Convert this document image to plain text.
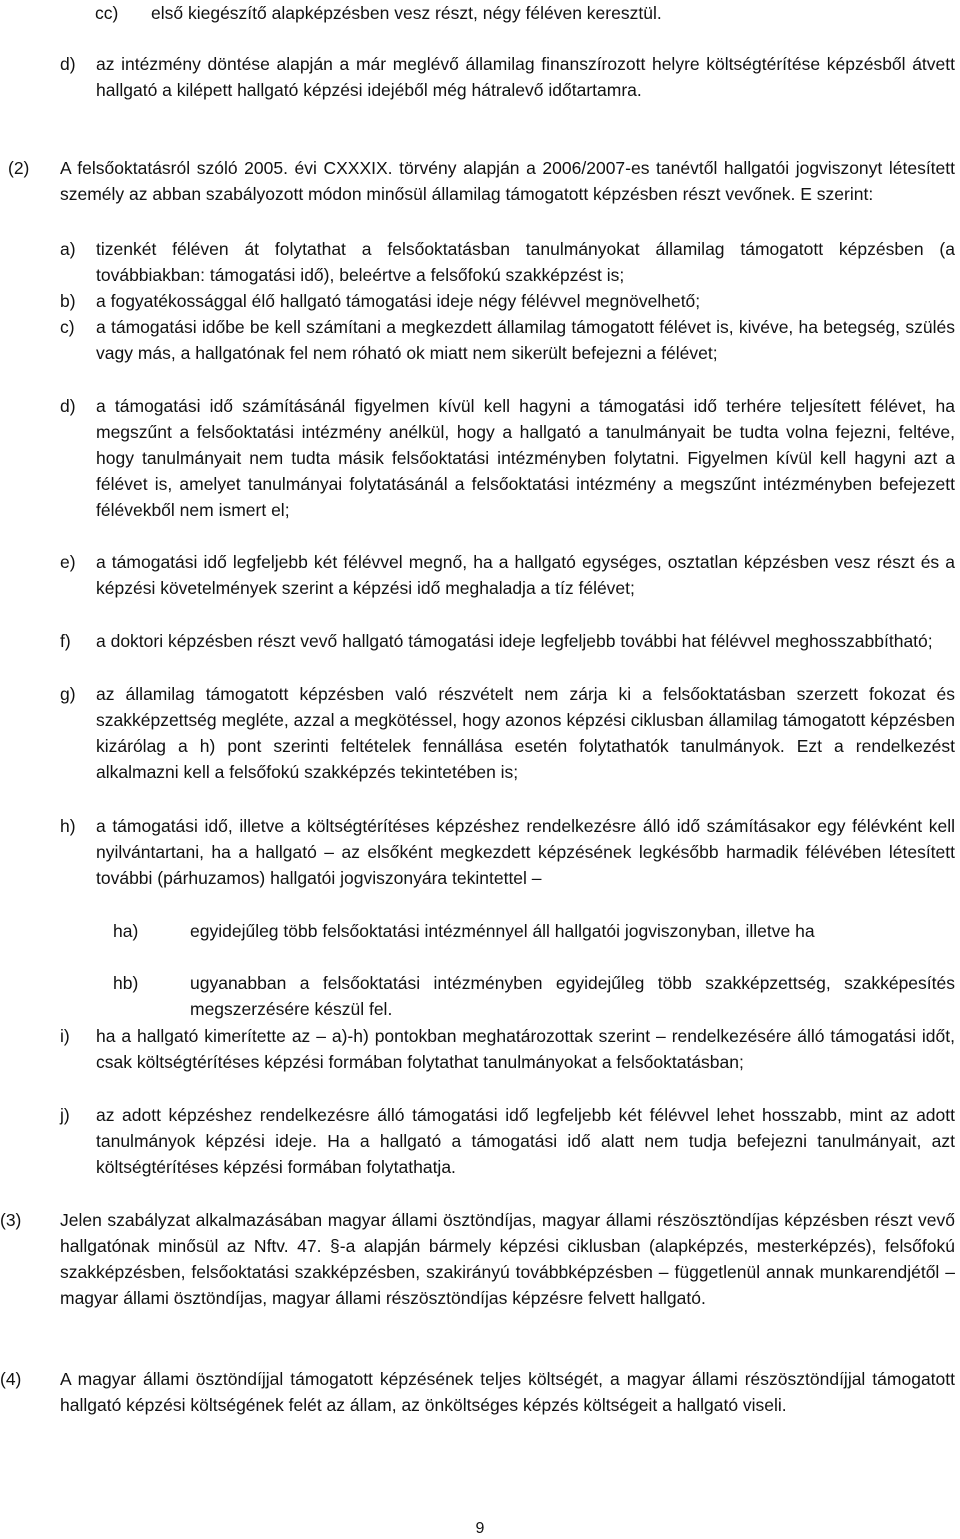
cc)	első kiegészítő alapképzésben vesz részt, négy féléven keresztül.

d)	az intézmény döntése alapján a már meglévő államilag finanszírozott helyre költségtérítése képzésből átvett hallgató a kilépett hallgató képzési idejéből még hátralevő időtartamra.

(2)	A felsőoktatásról szóló 2005. évi CXXXIX. törvény alapján a 2006/2007-es tanévtől hallgatói jogviszonyt létesített személy az abban szabályozott módon minősül államilag támogatott képzésben részt vevőnek. E szerint:

a)	tizenkét féléven át folytathat a felsőoktatásban tanulmányokat államilag támogatott képzésben (a továbbiakban: támogatási idő), beleértve a felsőfokú szakképzést is;

b)	a fogyatékossággal élő hallgató támogatási ideje négy félévvel megnövelhető;

c)	a támogatási időbe be kell számítani a megkezdett államilag támogatott félévet is, kivéve, ha betegség, szülés vagy más, a hallgatónak fel nem róható ok miatt nem sikerült befejezni a félévet;

d)	a támogatási idő számításánál figyelmen kívül kell hagyni a támogatási idő terhére teljesített félévet, ha megszűnt a felsőoktatási intézmény anélkül, hogy a hallgató a tanulmányait be tudta volna fejezni, feltéve, hogy tanulmányait nem tudta másik felsőoktatási intézményben folytatni. Figyelmen kívül kell hagyni azt a félévet is, amelyet tanulmányai folytatásánál a felsőoktatási intézmény a megszűnt intézményben befejezett félévekből nem ismert el;

e)	a támogatási idő legfeljebb két félévvel megnő, ha a hallgató egységes, osztatlan képzésben vesz részt és a képzési követelmények szerint a képzési idő meghaladja a tíz félévet;

f)	a doktori képzésben részt vevő hallgató támogatási ideje legfeljebb további hat félévvel meghosszabbítható;

g)	az államilag támogatott képzésben való részvételt nem zárja ki a felsőoktatásban szerzett fokozat és szakképzettség megléte, azzal a megkötéssel, hogy azonos képzési ciklusban államilag támogatott képzésben kizárólag a h) pont szerinti feltételek fennállása esetén folytathatók tanulmányok. Ezt a rendelkezést alkalmazni kell a felsőfokú szakképzés tekintetében is;

h)	a támogatási idő, illetve a költségtérítéses képzéshez rendelkezésre álló idő számításakor egy félévként kell nyilvántartani, ha a hallgató – az elsőként megkezdett képzésének legkésőbb harmadik félévében létesített további (párhuzamos) hallgatói jogviszonyára tekintettel –

ha)	egyidejűleg több felsőoktatási intézménnyel áll hallgatói jogviszonyban, illetve ha

hb)	ugyanabban a felsőoktatási intézményben egyidejűleg több szakképzettség, szakképesítés megszerzésére készül fel.

i)	ha a hallgató kimerítette az – a)-h) pontokban meghatározottak szerint – rendelkezésére álló támogatási időt, csak költségtérítéses képzési formában folytathat tanulmányokat a felsőoktatásban;

j)	az adott képzéshez rendelkezésre álló támogatási idő legfeljebb két félévvel lehet hosszabb, mint az adott tanulmányok képzési ideje. Ha a hallgató a támogatási idő alatt nem tudja befejezni tanulmányait, azt költségtérítéses képzési formában folytathatja.

(3)	Jelen szabályzat alkalmazásában magyar állami ösztöndíjas, magyar állami részösztöndíjas képzésben részt vevő hallgatónak minősül az Nftv. 47. §-a alapján bármely képzési ciklusban (alapképzés, mesterképzés), felsőfokú szakképzésben, felsőoktatási szakképzésben, szakirányú továbbképzésben – függetlenül annak munkarendjétől – magyar állami ösztöndíjas, magyar állami részösztöndíjas képzésre felvett hallgató.

(4)	A magyar állami ösztöndíjjal támogatott képzésének teljes költségét, a magyar állami részösztöndíjjal támogatott hallgató képzési költségének felét az állam, az önköltséges képzés költségeit a hallgató viseli.

9
